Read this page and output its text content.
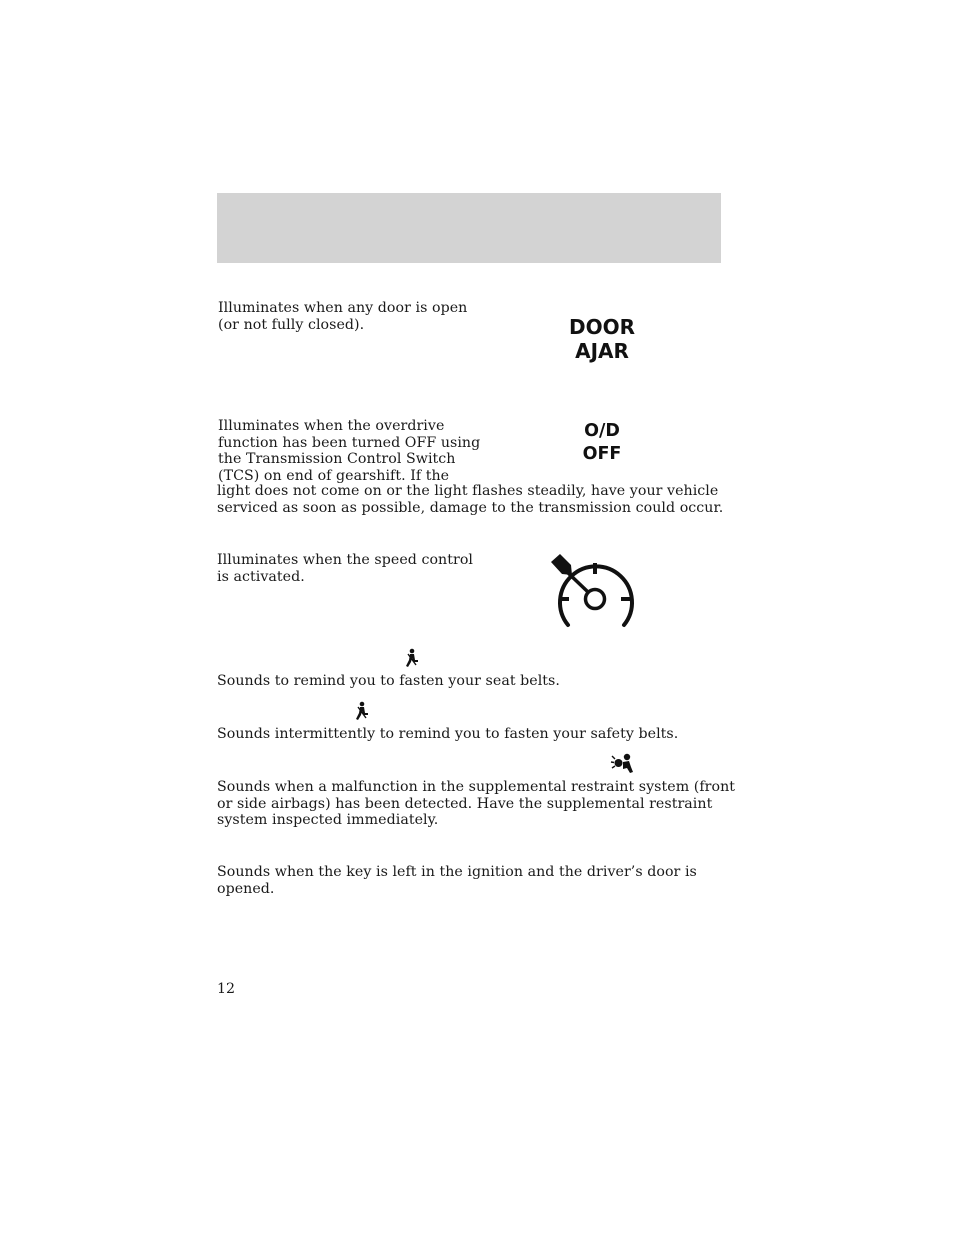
Illuminates when any door is open
(or not fully closed).	DOOR
AJAR

Illuminates when the overdrive
function has been turned OFF using
the Transmission Control Switch
(TCS) on end of gearshift. If the

light does not come on or the light flashes steadily, have your vehicle
serviced as soon as possible, damage to the transmission could occur.

O/D
OFF

Illuminates when the speed control
is activated.

Sounds to remind you to fasten your seat belts.

Sounds intermittently to remind you to fasten your safety belts.

Sounds when a malfunction in the supplemental restraint system (front
or side airbags) has been detected. Have the supplemental restraint
system inspected immediately.

Sounds when the key is left in the ignition and the driver’s door is
opened.

12
